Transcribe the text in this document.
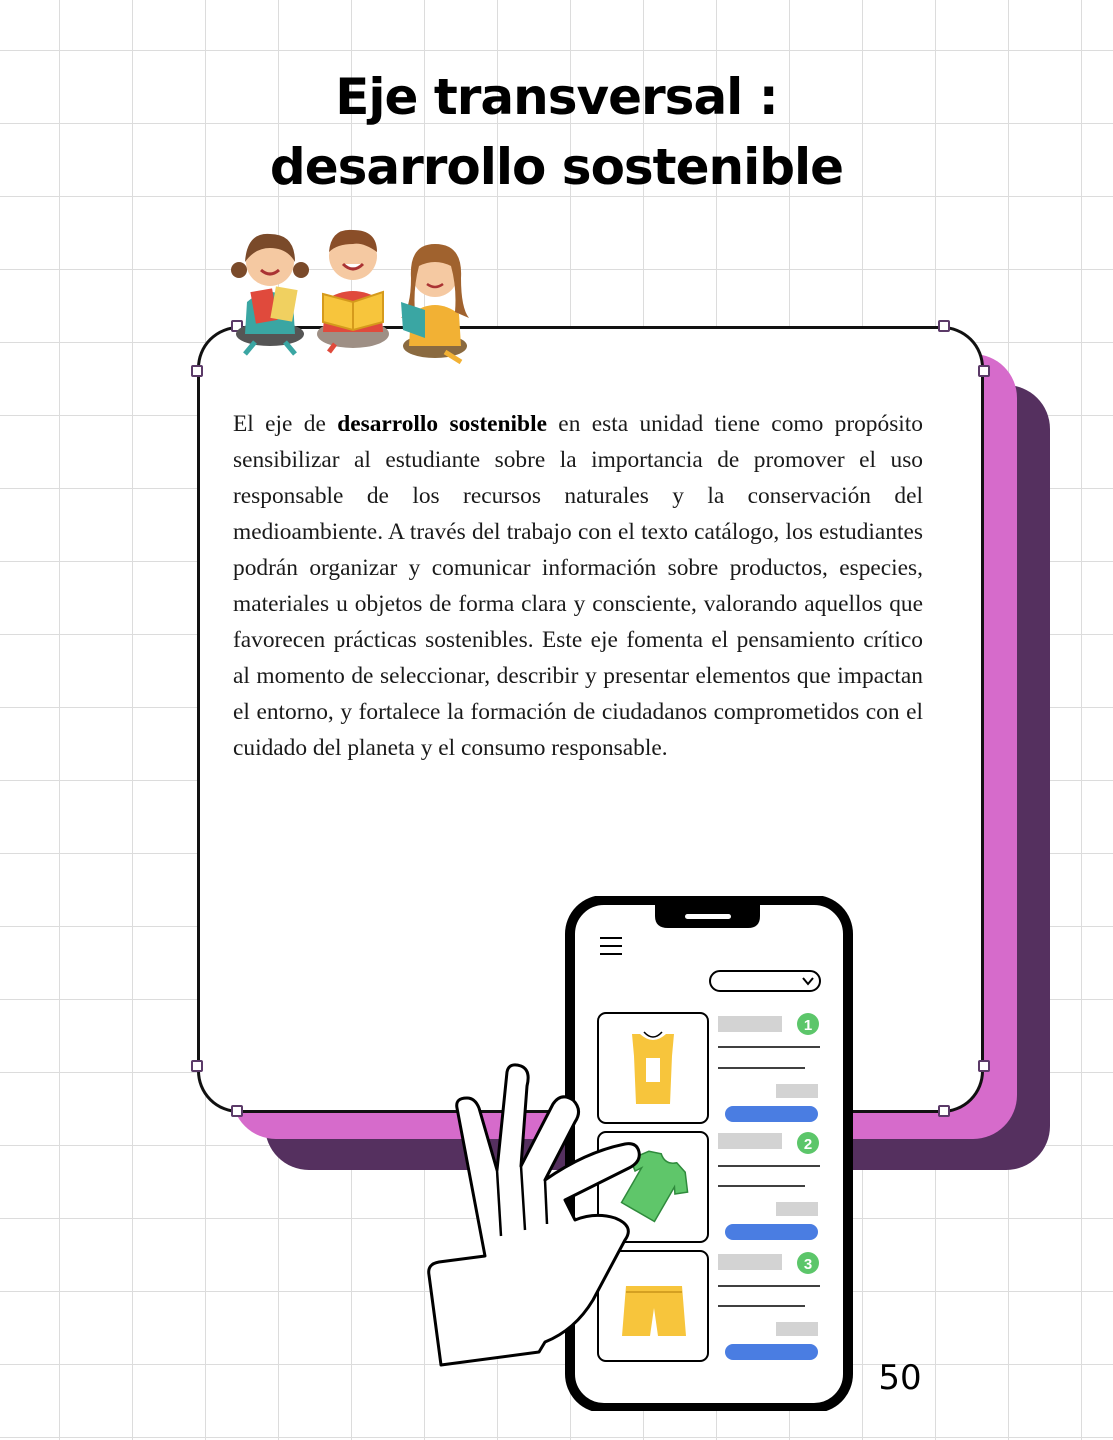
Eje transversal :
desarrollo sostenible

El eje de desarrollo sostenible en esta unidad tiene como propósito sensibilizar al estudiante sobre la importancia de promover el uso responsable de los recursos naturales y la conservación del medioambiente. A través del trabajo con el texto catálogo, los estudiantes podrán organizar y comunicar información sobre productos, especies, materiales u objetos de forma clara y consciente, valorando aquellos que favorecen prácticas sostenibles. Este eje fomenta el pensamiento crítico al momento de seleccionar, describir y presentar elementos que impactan el entorno, y fortalece la formación de ciudadanos comprometidos con el cuidado del planeta y el consumo responsable.

1
2
3
50
